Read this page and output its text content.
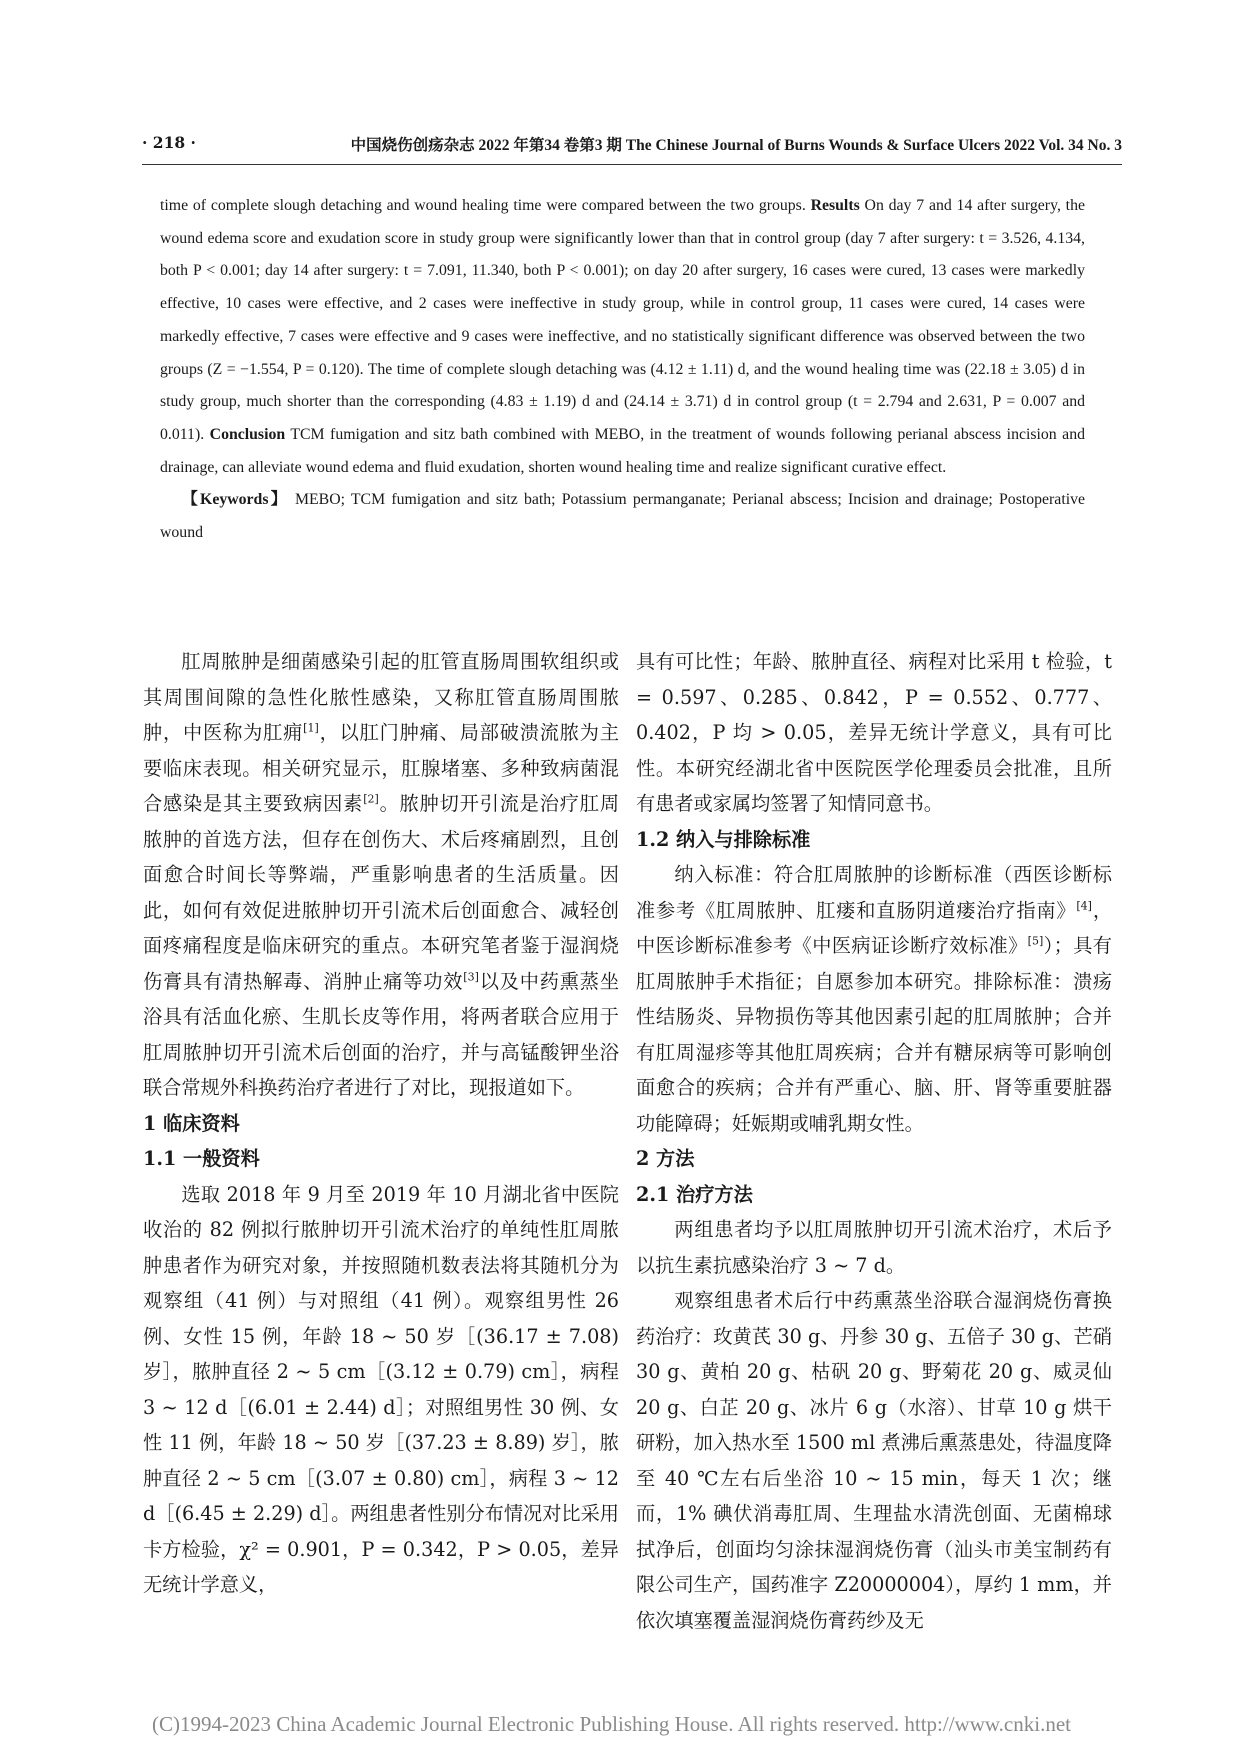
· 218 ·	中国烧伤创疡杂志 2022 年第34 卷第3 期 The Chinese Journal of Burns Wounds & Surface Ulcers 2022 Vol. 34 No. 3
time of complete slough detaching and wound healing time were compared between the two groups. Results On day 7 and 14 after surgery, the wound edema score and exudation score in study group were significantly lower than that in control group (day 7 after surgery: t = 3.526, 4.134, both P < 0.001; day 14 after surgery: t = 7.091, 11.340, both P < 0.001); on day 20 after surgery, 16 cases were cured, 13 cases were markedly effective, 10 cases were effective, and 2 cases were ineffective in study group, while in control group, 11 cases were cured, 14 cases were markedly effective, 7 cases were effective and 9 cases were ineffective, and no statistically significant difference was observed between the two groups (Z = −1.554, P = 0.120). The time of complete slough detaching was (4.12 ± 1.11) d, and the wound healing time was (22.18 ± 3.05) d in study group, much shorter than the corresponding (4.83 ± 1.19) d and (24.14 ± 3.71) d in control group (t = 2.794 and 2.631, P = 0.007 and 0.011). Conclusion TCM fumigation and sitz bath combined with MEBO, in the treatment of wounds following perianal abscess incision and drainage, can alleviate wound edema and fluid exudation, shorten wound healing time and realize significant curative effect.
【Keywords】 MEBO; TCM fumigation and sitz bath; Potassium permanganate; Perianal abscess; Incision and drainage; Postoperative wound

肛周脓肿是细菌感染引起的肛管直肠周围软组织或其周围间隙的急性化脓性感染，又称肛管直肠周围脓肿，中医称为肛痈[1]，以肛门肿痛、局部破溃流脓为主要临床表现。相关研究显示，肛腺堵塞、多种致病菌混合感染是其主要致病因素[2]。脓肿切开引流是治疗肛周脓肿的首选方法，但存在创伤大、术后疼痛剧烈，且创面愈合时间长等弊端，严重影响患者的生活质量。因此，如何有效促进脓肿切开引流术后创面愈合、减轻创面疼痛程度是临床研究的重点。本研究笔者鉴于湿润烧伤膏具有清热解毒、消肿止痛等功效[3]以及中药熏蒸坐浴具有活血化瘀、生肌长皮等作用，将两者联合应用于肛周脓肿切开引流术后创面的治疗，并与高锰酸钾坐浴联合常规外科换药治疗者进行了对比，现报道如下。

1 临床资料
1.1 一般资料

选取 2018 年 9 月至 2019 年 10 月湖北省中医院收治的 82 例拟行脓肿切开引流术治疗的单纯性肛周脓肿患者作为研究对象，并按照随机数表法将其随机分为观察组（41 例）与对照组（41 例）。观察组男性 26 例、女性 15 例，年龄 18 ~ 50 岁［(36.17 ± 7.08) 岁］，脓肿直径 2 ~ 5 cm［(3.12 ± 0.79) cm］，病程 3 ~ 12 d［(6.01 ± 2.44) d］；对照组男性 30 例、女性 11 例，年龄 18 ~ 50 岁［(37.23 ± 8.89) 岁］，脓肿直径 2 ~ 5 cm［(3.07 ± 0.80) cm］，病程 3 ~ 12 d［(6.45 ± 2.29) d］。两组患者性别分布情况对比采用卡方检验，χ² = 0.901，P = 0.342，P > 0.05，差异无统计学意义，

具有可比性；年龄、脓肿直径、病程对比采用 t 检验，t = 0.597、0.285、0.842，P = 0.552、0.777、0.402，P 均 > 0.05，差异无统计学意义，具有可比性。本研究经湖北省中医院医学伦理委员会批准，且所有患者或家属均签署了知情同意书。

1.2 纳入与排除标准

纳入标准：符合肛周脓肿的诊断标准（西医诊断标准参考《肛周脓肿、肛瘘和直肠阴道瘘治疗指南》[4]，中医诊断标准参考《中医病证诊断疗效标准》[5]）；具有肛周脓肿手术指征；自愿参加本研究。排除标准：溃疡性结肠炎、异物损伤等其他因素引起的肛周脓肿；合并有肛周湿疹等其他肛周疾病；合并有糖尿病等可影响创面愈合的疾病；合并有严重心、脑、肝、肾等重要脏器功能障碍；妊娠期或哺乳期女性。

2 方法
2.1 治疗方法

两组患者均予以肛周脓肿切开引流术治疗，术后予以抗生素抗感染治疗 3 ~ 7 d。

观察组患者术后行中药熏蒸坐浴联合湿润烧伤膏换药治疗：玫黄芪 30 g、丹参 30 g、五倍子 30 g、芒硝 30 g、黄柏 20 g、枯矾 20 g、野菊花 20 g、威灵仙 20 g、白芷 20 g、冰片 6 g（水溶）、甘草 10 g 烘干研粉，加入热水至 1500 ml 煮沸后熏蒸患处，待温度降至 40 ℃左右后坐浴 10 ~ 15 min，每天 1 次；继而，1% 碘伏消毒肛周、生理盐水清洗创面、无菌棉球拭净后，创面均匀涂抹湿润烧伤膏（汕头市美宝制药有限公司生产，国药准字 Z20000004），厚约 1 mm，并依次填塞覆盖湿润烧伤膏药纱及无

(C)1994-2023 China Academic Journal Electronic Publishing House. All rights reserved. http://www.cnki.net
